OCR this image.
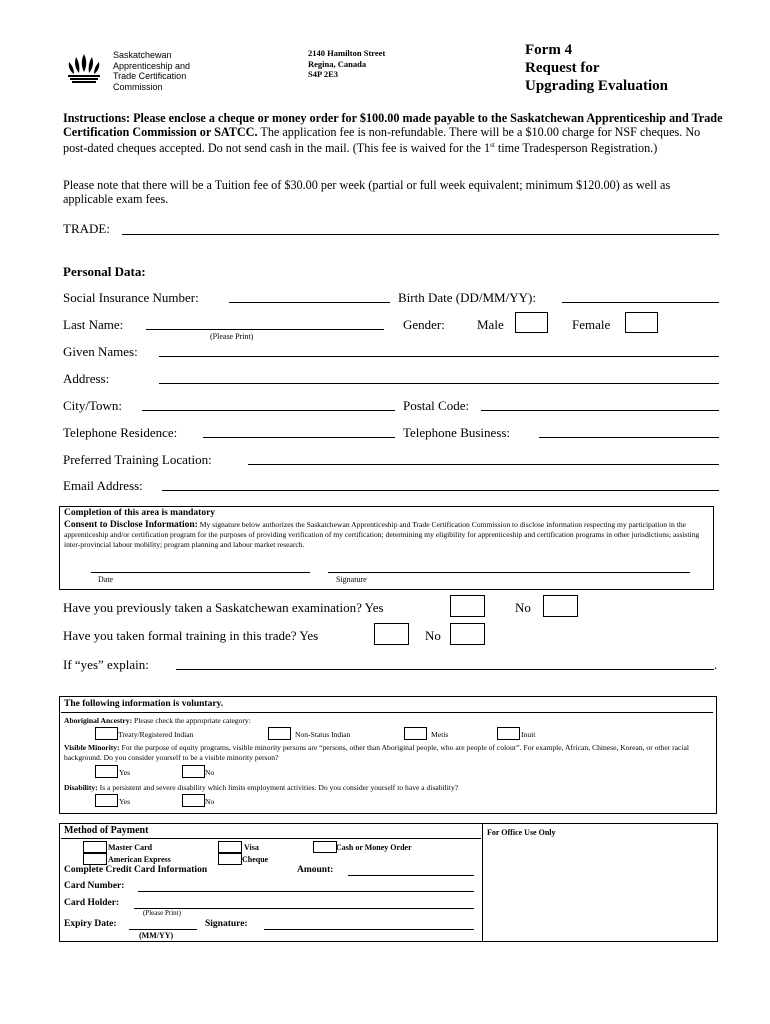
Saskatchewan
Apprenticeship and
Trade Certification
Commission
2140 Hamilton Street
Regina, Canada
S4P 2E3
Form 4
Request for
Upgrading Evaluation
Instructions: Please enclose a cheque or money order for $100.00 made payable to the Saskatchewan Apprenticeship and Trade Certification Commission or SATCC. The application fee is non-refundable. There will be a $10.00 charge for NSF cheques. No post-dated cheques accepted. Do not send cash in the mail. (This fee is waived for the 1st time Tradesperson Registration.)
Please note that there will be a Tuition fee of $30.00 per week (partial or full week equivalent; minimum $120.00) as well as applicable exam fees.
TRADE:
Personal Data:
Social Insurance Number:	Birth Date (DD/MM/YY):
Last Name:
(Please Print)
Gender: Male	Female
Given Names:
Address:
City/Town:	Postal Code:
Telephone Residence:	Telephone Business:
Preferred Training Location:
Email Address:
Completion of this area is mandatory
Consent to Disclose Information: My signature below authorizes the Saskatchewan Apprenticeship and Trade Certification Commission to disclose information respecting my participation in the apprenticeship and/or certification program for the purposes of providing verification of my certification; determining my eligibility for apprenticeship and certification programs in other jurisdictions; assisting inter-provincial labour mobility; program planning and labour market research.
Date	Signature
Have you previously taken a Saskatchewan examination? Yes	No
Have you taken formal training in this trade? Yes	No
If “yes” explain:	.
The following information is voluntary.
Aboriginal Ancestry: Please check the appropriate category:
Treaty/Registered Indian	Non-Status Indian	Metis	Inuit
Visible Minority: For the purpose of equity programs, visible minority persons are “persons, other than Aboriginal people, who are people of colour”. For example, African, Chinese, Korean, or other racial background. Do you consider yourself to be a visible minority person?
Yes	No
Disability: Is a persistent and severe disability which limits employment activities. Do you consider yourself to have a disability?
Yes	No
Method of Payment	For Office Use Only
Master Card	Visa	Cash or Money Order
American Express	Cheque
Complete Credit Card Information	Amount:
Card Number:
Card Holder:
(Please Print)
Expiry Date:	Signature:
(MM/YY)
